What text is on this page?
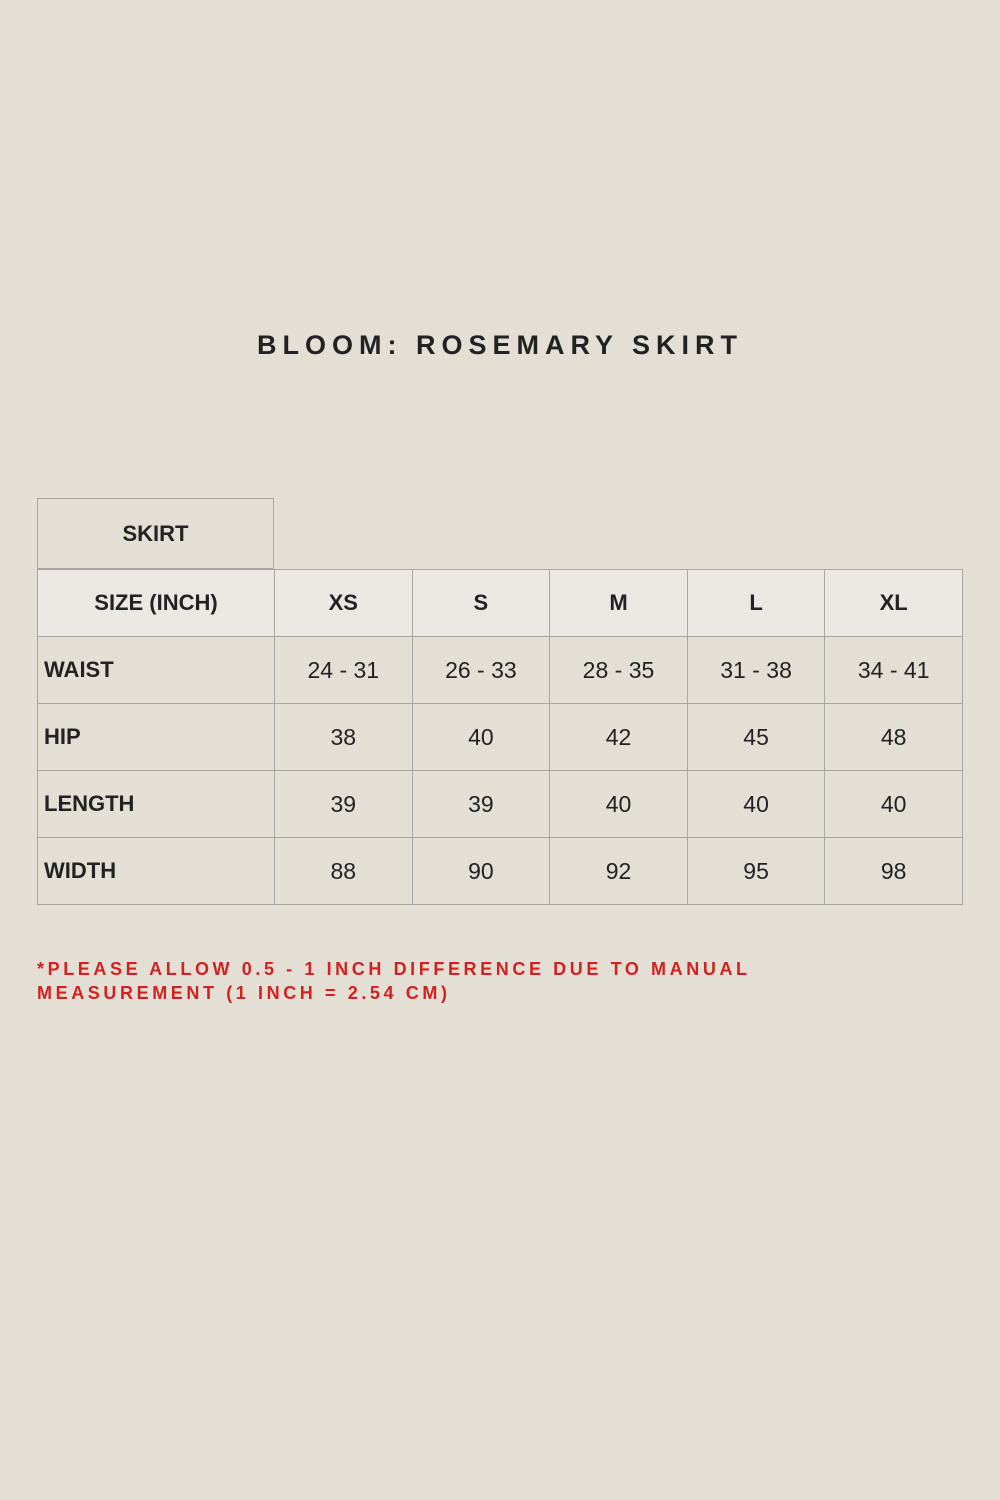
BLOOM: ROSEMARY SKIRT
SKIRT
SIZE (INCH)	XS	S	M	L	XL
WAIST	24 - 31	26 - 33	28 - 35	31 - 38	34 - 41
HIP	38	40	42	45	48
LENGTH	39	39	40	40	40
WIDTH	88	90	92	95	98

*PLEASE ALLOW 0.5 - 1 INCH DIFFERENCE DUE TO MANUAL
MEASUREMENT (1 INCH = 2.54 CM)
